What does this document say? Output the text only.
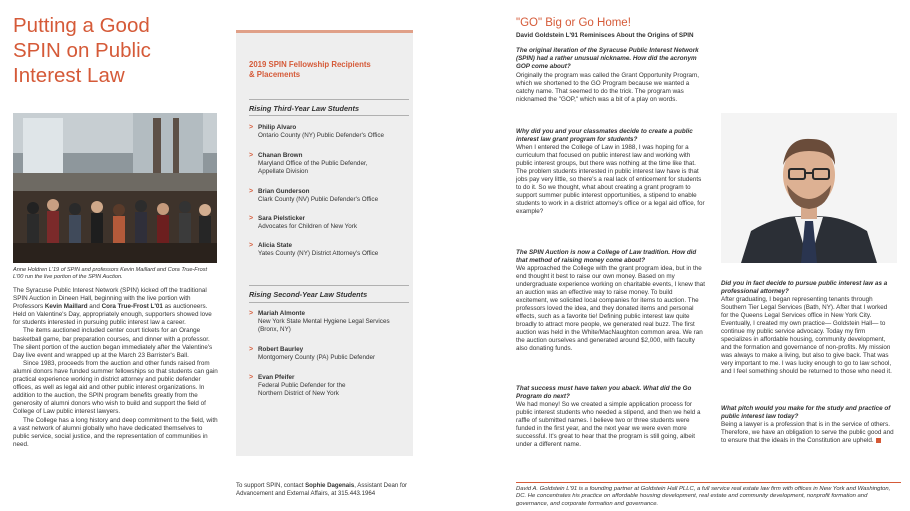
Putting a Good
SPIN on Public
Interest Law
Anne Holdren L'19 of SPIN and professors Kevin Maillard and Cora True-Frost L'00 run the live portion of the SPIN Auction.

The Syracuse Public Interest Network (SPIN) kicked off the traditional SPIN Auction in Dineen Hall, beginning with the live portion with Professors Kevin Maillard and Cora True-Frost L'01 as auctioneers. Held on Valentine's Day, appropriately enough, supporters showed love for students interested in pursuing public interest law a career.

The items auctioned included center court tickets for an Orange basketball game, bar preparation courses, and dinner with a professor. The silent portion of the auction began immediately after the Valentine's Day live event and wrapped up at the March 23 Barrister's Ball.

Since 1983, proceeds from the auction and other funds raised from alumni donors have funded summer fellowships so that students can gain practical experience working in district attorney and public defender offices, as well as legal aid and other public interest organizations. In addition to the auction, the SPIN program benefits greatly from the generosity of alumni donors who wish to build and support the field of College of Law public interest lawyers.

The College has a long history and deep commitment to the field, with a vast network of alumni globally who have dedicated themselves to public service, social justice, and the representation of communities in need.

2019 SPIN Fellowship Recipients
& Placements
Rising Third-Year Law Students
> Philip Alvaro
Ontario County (NY) Public Defender's Office
> Chanan Brown
Maryland Office of the Public Defender,
Appellate Division
> Brian Gunderson
Clark County (NV) Public Defender's Office
> Sara Pielsticker
Advocates for Children of New York
> Alicia State
Yates County (NY) District Attorney's Office
Rising Second-Year Law Students
> Mariah Almonte
New York State Mental Hygiene Legal Services
(Bronx, NY)
> Robert Baurley
Montgomery County (PA) Public Defender
> Evan Pfeifer
Federal Public Defender for the
Northern District of New York
To support SPIN, contact Sophie Dagenais, Assistant Dean for Advancement and External Affairs, at 315.443.1964
"GO" Big or Go Home!
David Goldstein L'91 Reminisces About the Origins of SPIN
The original iteration of the Syracuse Public Interest Network (SPIN) had a rather unusual nickname. How did the acronym GOP come about?
Originally the program was called the Grant Opportunity Program, which we shortened to the GO Program because we wanted a catchy name. That seemed to do the trick. The program was nicknamed the "GOP," which was a bit of a play on words.
Why did you and your classmates decide to create a public interest law grant program for students?
When I entered the College of Law in 1988, I was hoping for a curriculum that focused on public interest law and working with public interest groups, but there was nothing at the time like that. The problem students interested in public interest law have is that jobs pay very little, so there's a real lack of enticement for students to do it. So we thought, what about creating a grant program to support summer public interest opportunities, a stipend to enable students to work in a district attorney's office or a legal aid office, for example?
The SPIN Auction is now a College of Law tradition. How did that method of raising money come about?
We approached the College with the grant program idea, but in the end thought it best to raise our own money. Based on my undergraduate experience working on charitable events, I knew that an auction was an effective way to raise money. To build excitement, we solicited local companies for items to auction. The professors loved the idea, and they donated items and personal effects, such as a favorite tie! Defining public interest law quite broadly to attract more people, we generated real buzz. The first auction was held in the White/MacNaughton common area. We ran the auction ourselves and generated around $2,000, with faculty also donating funds.
That success must have taken you aback. What did the Go Program do next?
We had money! So we created a simple application process for public interest students who needed a stipend, and then we held a raffle of submitted names. I believe two or three students were funded in the first year, and the next year we were even more successful. It's great to hear that the program is still going, albeit under a different name.
Did you in fact decide to pursue public interest law as a professional attorney?
After graduating, I began representing tenants through Southern Tier Legal Services (Bath, NY). After that I worked for the Queens Legal Services office in New York City. Eventually, I created my own practice— Goldstein Hall— to continue my public service advocacy. Today my firm specializes in affordable housing, community development, and the formation and governance of non-profits. My mission was always to make a living, but also to give back. That was very important to me. I was lucky enough to go to law school, and I feel something should be returned to those who need it.
What pitch would you make for the study and practice of public interest law today?
Being a lawyer is a profession that is in the service of others. Therefore, we have an obligation to serve the public good and to ensure that the ideals in the Constitution are upheld.
David A. Goldstein L'91 is a founding partner at Goldstein Hall PLLC, a full service real estate law firm with offices in New York and Washington, DC. He concentrates his practice on affordable housing development, real estate and community development, nonprofit formation and governance, and corporate formation and governance.
